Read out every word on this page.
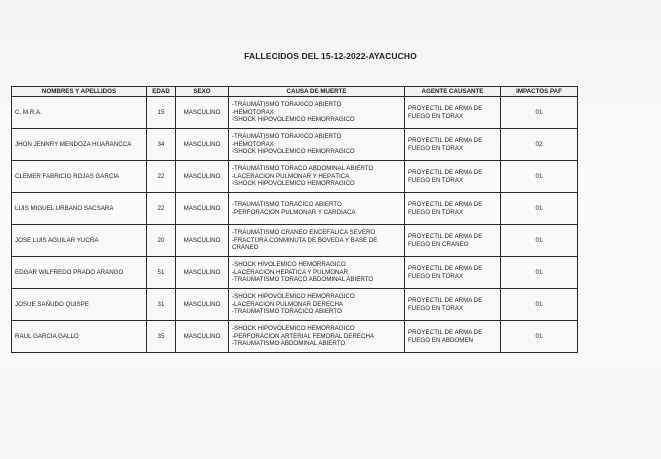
FALLECIDOS DEL 15-12-2022-AYACUCHO
NOMBRES Y APELLIDOS	EDAD	SEXO	CAUSA DE MUERTE	AGENTE CAUSANTE	IMPACTOS PAF
C. M.R.A.	15	MASCULINO	-TRAUMATISMO TORAXICO ABIERTO
-HEMOTORAX
-SHOCK HIPOVOLEMICO HEMORRAGICO	PROYECTIL DE ARMA DE FUEGO EN TORAX	01
JHON JENNRY MENDOZA HUARANCCA	34	MASCULINO	-TRAUMATISMO TORAXICO ABIERTO
-HEMOTORAX
-SHOCK HIPOVOLEMICO HEMORRAGICO	PROYECTIL DE ARMA DE FUEGO EN TORAX	02
CLEMER FABRICIO ROJAS GARCIA	22	MASCULINO	-TRAUMATISMO TORACO ABDOMINAL ABIERTO
-LACERACION PULMONAR Y HEPÁTICA
-SHOCK HIPOVOLEMICO HEMORRAGICO	PROYECTIL DE ARMA DE FUEGO EN TORAX	01
LUIS MIGUEL URBANO SACSARA	22	MASCULINO	-TRAUMATISMO TORÁCICO ABIERTO
-PERFORACIÓN PULMONAR Y CARDÍACA	PROYECTIL DE ARMA DE FUEGO EN TORAX	01
JOSE LUIS AGUILAR YUCRA	20	MASCULINO	-TRAUMATISMO CRÁNEO ENCEFÁLICA SEVERO
-FRACTURA CONMINUTA DE BÓVEDA Y BASE DE
CRÁNEO	PROYECTIL DE ARMA DE FUEGO EN CRANEO	01
EDGAR WILFREDO PRADO ARANGO	51	MASCULINO	-SHOCK HIVOLEMICO HEMORRAGICO
-LACERACION HEPATICA Y PULMONAR
-TRAUMATISMO TORACO ABDOMINAL ABIERTO	PROYECTIL DE ARMA DE FUEGO EN TORAX	01
JOSUE SAÑUDO QUISPE	31	MASCULINO	-SHOCK HIPOVOLEMICO HEMORRAGICO
-LACERACION PULMONAR DERECHA
-TRAUMATISMO TORACICO ABIERTO	PROYECTIL DE ARMA DE FUEGO EN TORAX	01
RAUL GARCIA GALLO	35	MASCULINO	-SHOCK HIPOVOLEMICO HEMORRAGICO
-PERFORACION ARTERIAL FEMORAL DERECHA
-TRAUMATISMO ABDOMINAL ABIERTO	PROYECTIL DE ARMA DE FUEGO EN ABDOMEN	01
